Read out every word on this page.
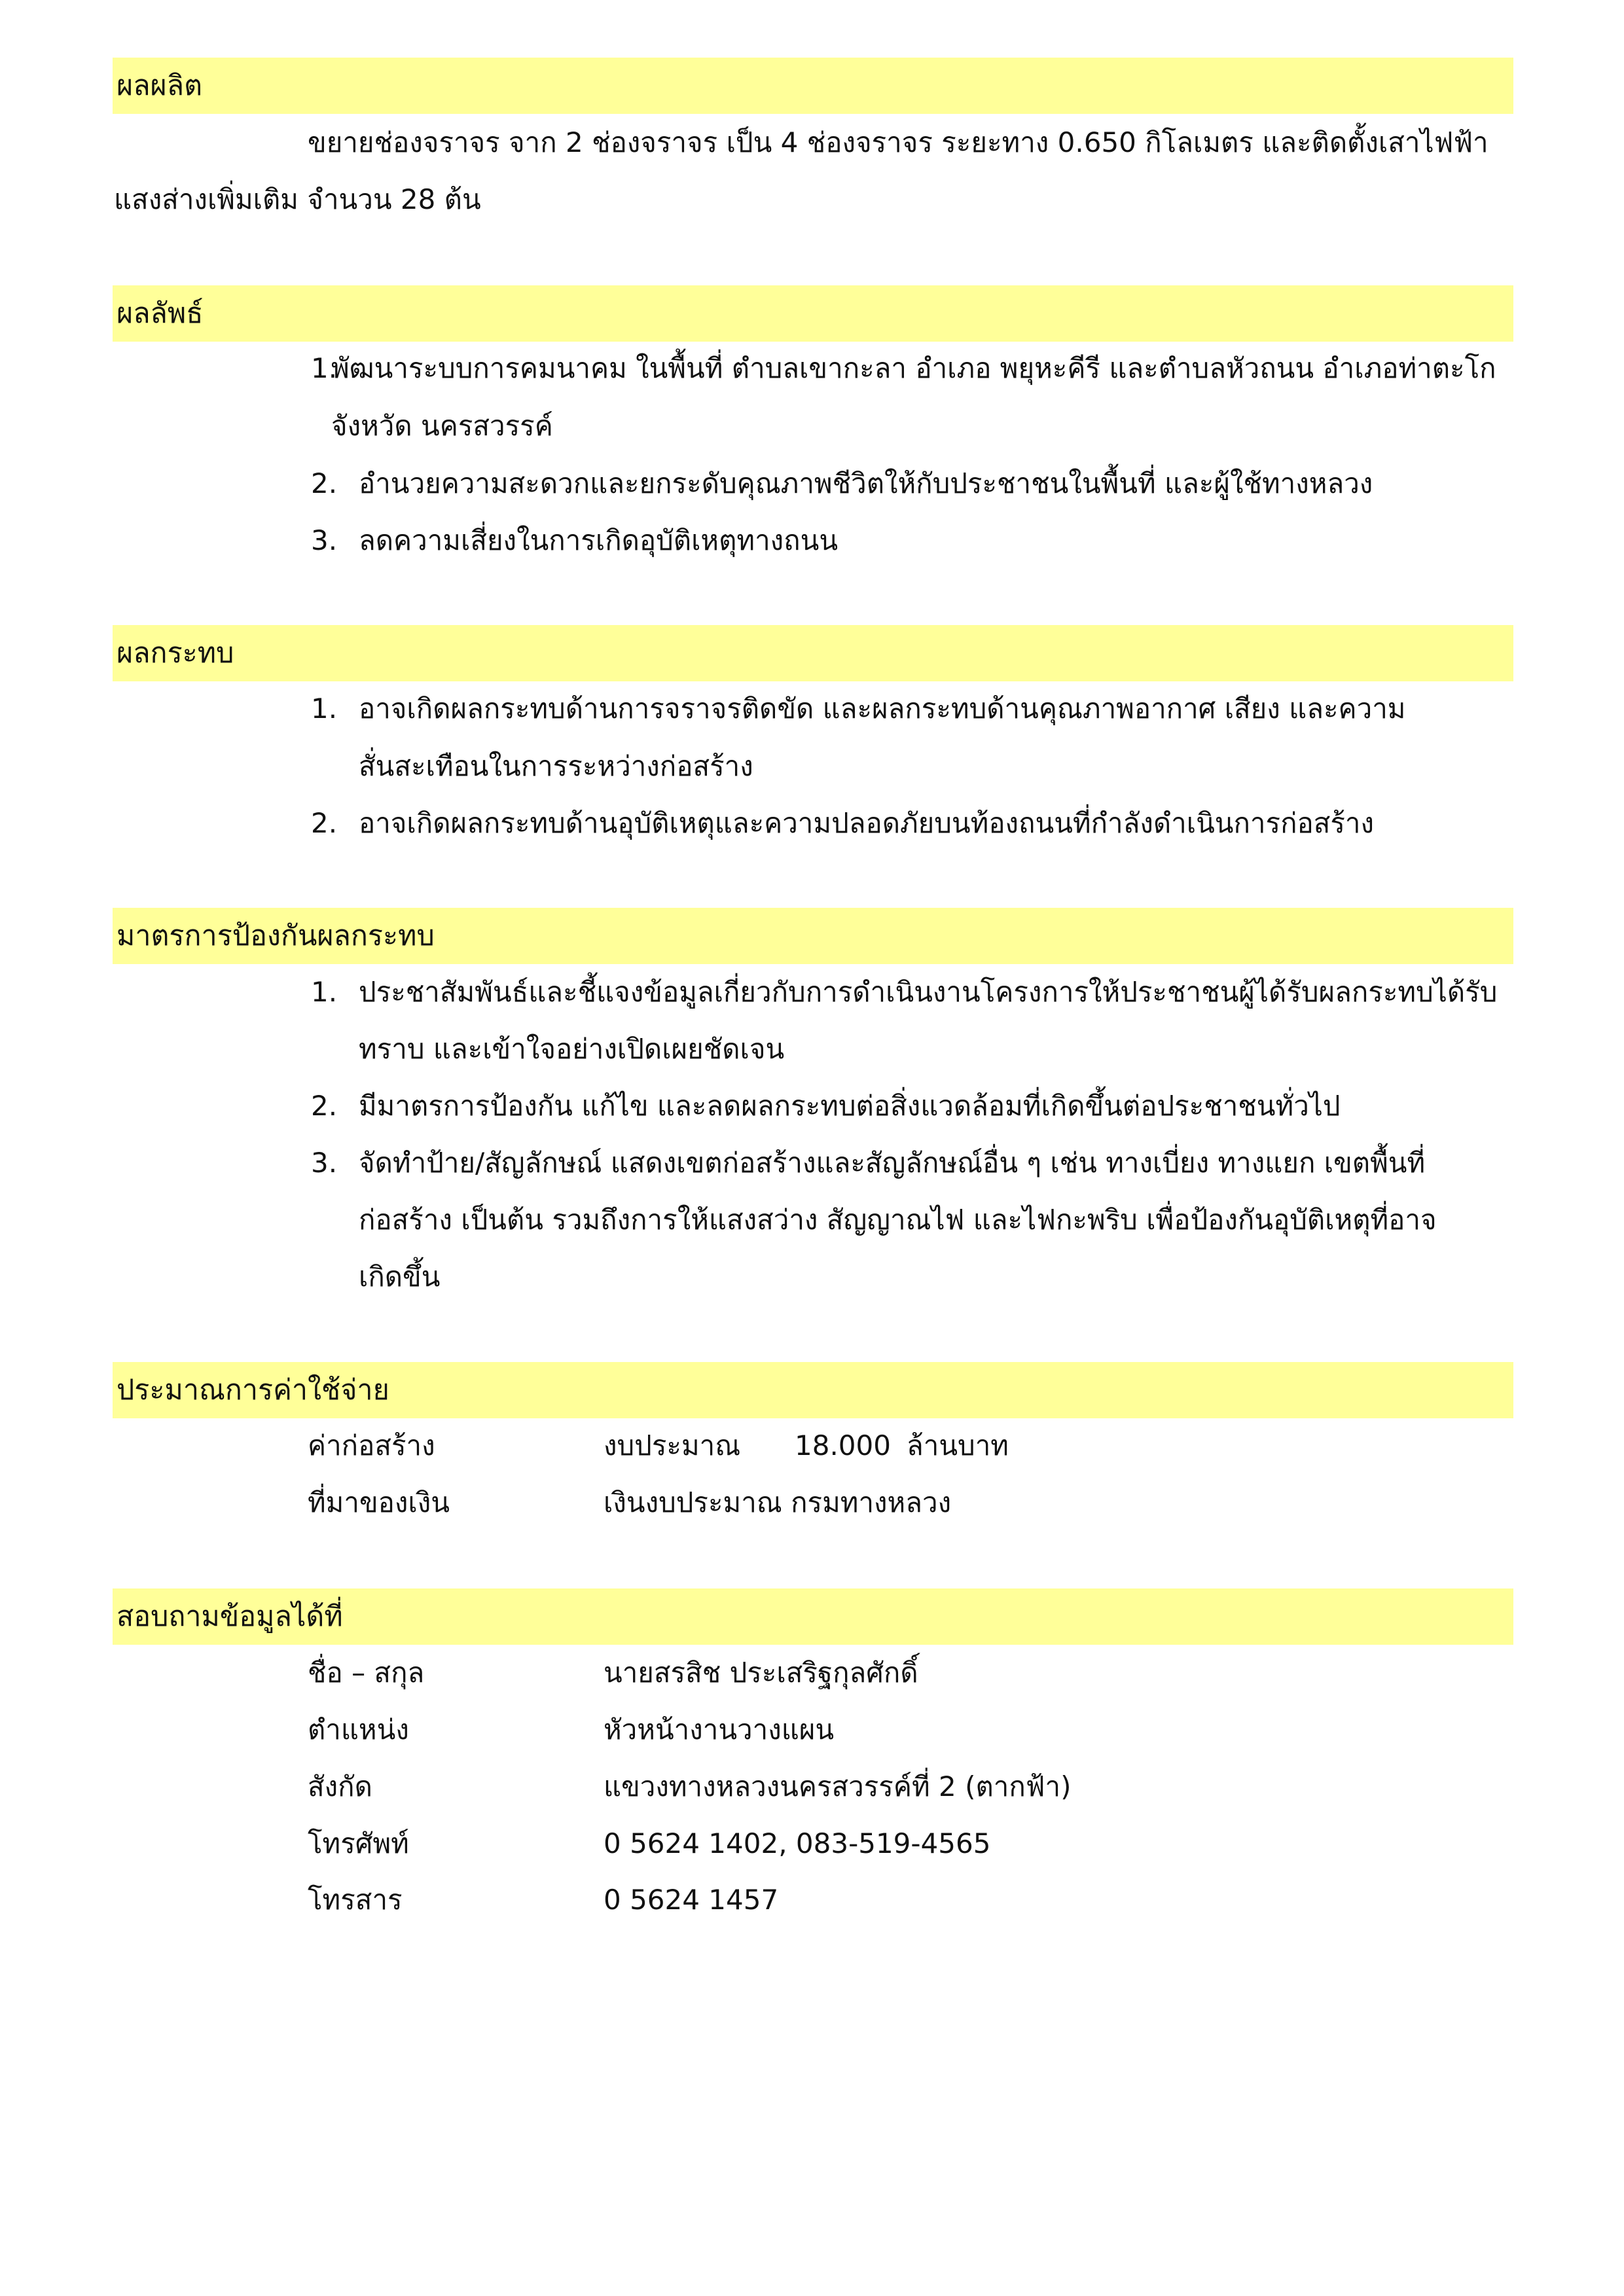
ผลผลิต
ขยายช่องจราจร จาก 2 ช่องจราจร เป็น 4 ช่องจราจร ระยะทาง 0.650 กิโลเมตร และติดตั้งเสาไฟฟ้า
แสงส่างเพิ่มเติม จำนวน 28 ต้น
ผลลัพธ์
1.
พัฒนาระบบการคมนาคม ในพื้นที่ ตำบลเขากะลา อำเภอ พยุหะคีรี และตำบลหัวถนน อำเภอท่าตะโก
จังหวัด นครสวรรค์
2. อำนวยความสะดวกและยกระดับคุณภาพชีวิตให้กับประชาชนในพื้นที่ และผู้ใช้ทางหลวง
3. ลดความเสี่ยงในการเกิดอุบัติเหตุทางถนน
ผลกระทบ
1. อาจเกิดผลกระทบด้านการจราจรติดขัด และผลกระทบด้านคุณภาพอากาศ เสียง และความ
สั่นสะเทือนในการระหว่างก่อสร้าง
2. อาจเกิดผลกระทบด้านอุบัติเหตุและความปลอดภัยบนท้องถนนที่กำลังดำเนินการก่อสร้าง
มาตรการป้องกันผลกระทบ
1. ประชาสัมพันธ์และชี้แจงข้อมูลเกี่ยวกับการดำเนินงานโครงการให้ประชาชนผู้ได้รับผลกระทบได้รับ
ทราบ และเข้าใจอย่างเปิดเผยชัดเจน
2. มีมาตรการป้องกัน แก้ไข และลดผลกระทบต่อสิ่งแวดล้อมที่เกิดขึ้นต่อประชาชนทั่วไป
3. จัดทำป้าย/สัญลักษณ์ แสดงเขตก่อสร้างและสัญลักษณ์อื่น ๆ เช่น ทางเบี่ยง ทางแยก เขตพื้นที่
ก่อสร้าง เป็นต้น รวมถึงการให้แสงสว่าง สัญญาณไฟ และไฟกะพริบ เพื่อป้องกันอุบัติเหตุที่อาจ
เกิดขึ้น
ประมาณการค่าใช้จ่าย
ค่าก่อสร้าง	งบประมาณ 18.000 ล้านบาท
ที่มาของเงิน	เงินงบประมาณ กรมทางหลวง
สอบถามข้อมูลได้ที่
ชื่อ – สกุล	นายสรสิช ประเสริฐกุลศักดิ์
ตำแหน่ง	หัวหน้างานวางแผน
สังกัด	แขวงทางหลวงนครสวรรค์ที่ 2 (ตากฟ้า)
โทรศัพท์	0 5624 1402, 083-519-4565
โทรสาร	0 5624 1457
